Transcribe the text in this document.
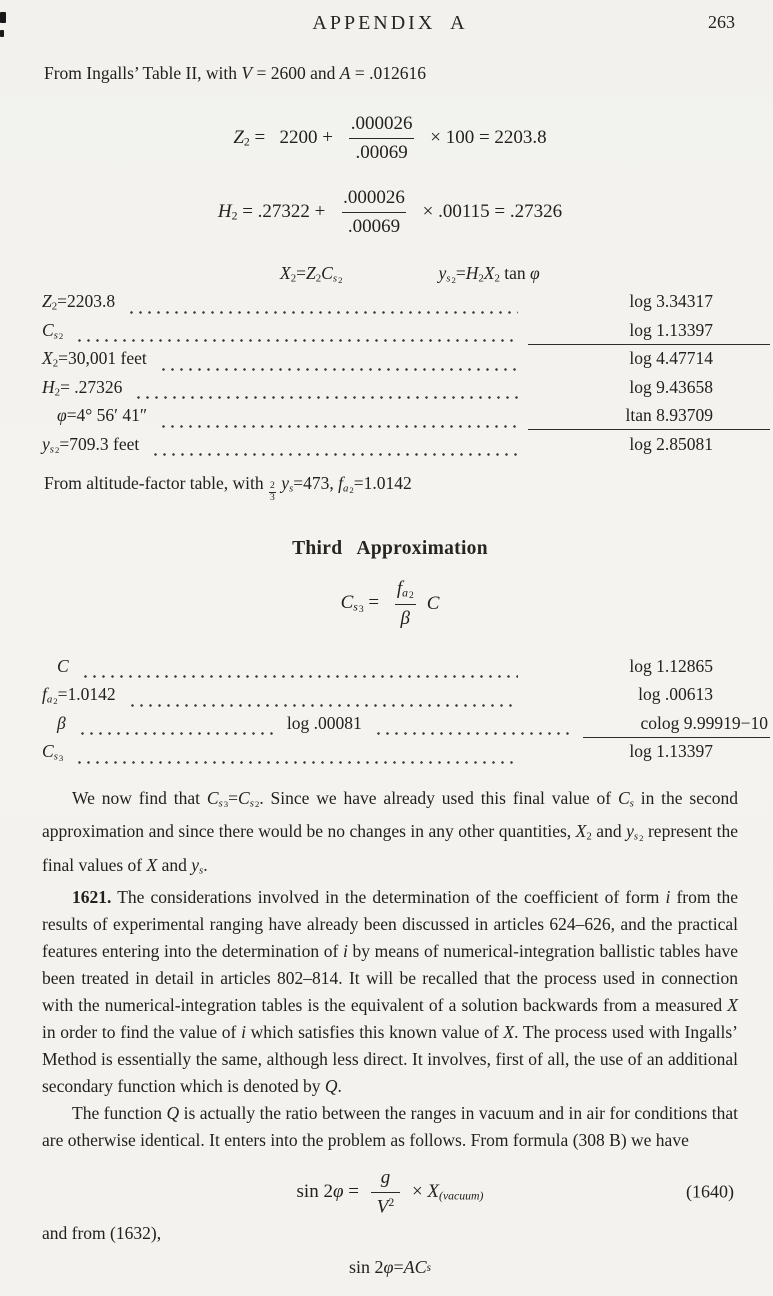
APPENDIX A	263
From Ingalls’ Table II, with V = 2600 and A = .012616
$Z2 = 2200 + \frac{.000026}{.00069} \times 100 = 2203.8$
$H2 = .27322 + \frac{.000026}{.00069} \times .00115 = .27326$
$X2=Z2Cs_2$	$ys_2=H2X2$ tan φ
Z2=2203.8	log 3.34317
$Cs_2$	log 1.13397
X2=30,001 feet	log 4.47714
H2= .27326	log 9.43658
φ=4° 56′ 41″	ltan 8.93709
$ys_2=709.3$ feet	log 2.85081
From altitude-factor table, with $\frac{2}{3} ys=473$, $fa_2=1.0142$
Third Approximation
$Cs_3 = \frac{fa_2}{\beta}$ C
C	log 1.12865
$fa_2=1.0142$	log .00613
β	log .00081	colog 9.99919−10
$Cs_3$	log 1.13397

We now find that $Cs_3=Cs_2$. Since we have already used this final value of Cs in the second approximation and since there would be no changes in any other quantities, X2 and $ys_2$ represent the final values of X and ys.

1621. The considerations involved in the determination of the coefficient of form i from the results of experimental ranging have already been discussed in articles 624–626, and the practical features entering into the determination of i by means of numerical-integration ballistic tables have been treated in detail in articles 802–814. It will be recalled that the process used in connection with the numerical-integration tables is the equivalent of a solution backwards from a measured X in order to find the value of i which satisfies this known value of X. The process used with Ingalls’ Method is essentially the same, although less direct. It involves, first of all, the use of an additional secondary function which is denoted by Q.

The function Q is actually the ratio between the ranges in vacuum and in air for conditions that are otherwise identical. It enters into the problem as follows. From formula (308 B) we have

$\sin 2\varphi = \frac{g}{V^2}$ × X(vacuum)	(1640)
and from (1632),
sin 2 φ = A C s
